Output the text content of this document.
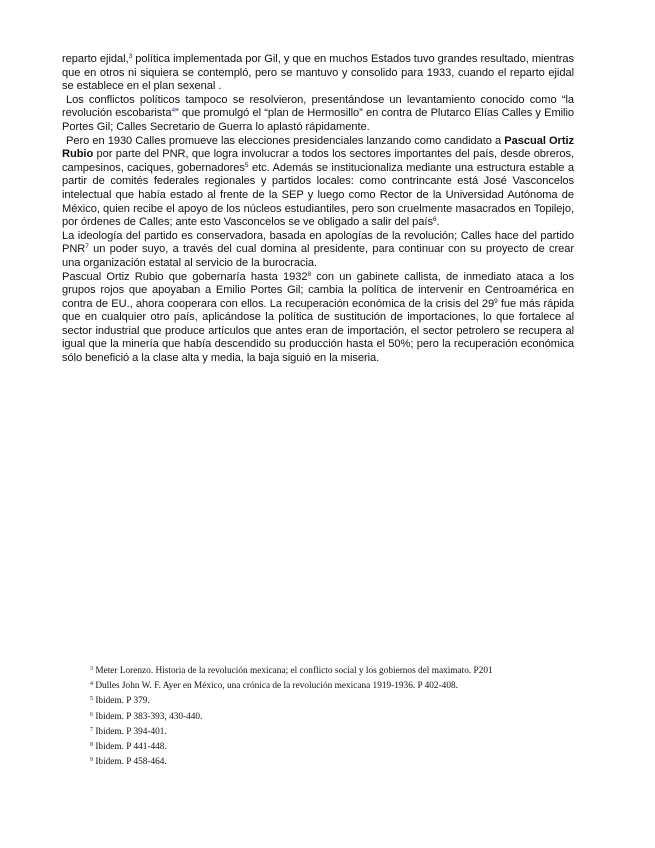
reparto ejidal,$^3$ política implementada por Gil, y que en muchos Estados tuvo grandes resultado, mientras que en otros ni siquiera se contempló, pero se mantuvo y consolido para 1933, cuando el reparto ejidal se establece en el plan sexenal .

Los conflictos políticos tampoco se resolvieron, presentándose un levantamiento conocido como “la revolución escobarista$^4$” que promulgó el “plan de Hermosillo” en contra de Plutarco Elías Calles y Emilio Portes Gil; Calles Secretario de Guerra lo aplastó rápidamente.

Pero en 1930 Calles promueve las elecciones presidenciales lanzando como candidato a Pascual Ortiz Rubio por parte del PNR, que logra involucrar a todos los sectores importantes del país, desde obreros, campesinos, caciques, gobernadores$^5$ etc. Además se institucionaliza mediante una estructura estable a partir de comités federales regionales y partidos locales: como contrincante está José Vasconcelos intelectual que había estado al frente de la SEP y luego como Rector de la Universidad Autónoma de México, quien recibe el apoyo de los núcleos estudiantiles, pero son cruelmente masacrados en Topilejo, por órdenes de Calles; ante esto Vasconcelos se ve obligado a salir del país$^6$.

La ideología del partido es conservadora, basada en apologías de la revolución; Calles hace del partido PNR$^7$ un poder suyo, a través del cual domina al presidente, para continuar con su proyecto de crear una organización estatal al servicio de la burocracia.

Pascual Ortiz Rubio que gobernaría hasta 1932$^8$ con un gabinete callista, de inmediato ataca a los grupos rojos que apoyaban a Emilio Portes Gil; cambia la política de intervenir en Centroamérica en contra de EU., ahora cooperara con ellos. La recuperación económica de la crisis del $29^9$ fue más rápida que en cualquier otro país, aplicándose la política de sustitución de importaciones, lo que fortalece al sector industrial que produce artículos que antes eran de importación, el sector petrolero se recupera al igual que la minería que había descendido su producción hasta el 50%; pero la recuperación económica sólo benefició a la clase alta y media, la baja siguió en la miseria.

$^3$ Meter Lorenzo. Historia de la revolución mexicana; el conflicto social y los gobiernos del maximato. P201
$^4$ Dulles John W. F. Ayer en México, una crónica de la revolución mexicana 1919-1936. P 402-408.
$^5$ Ibidem. P 379.
$^6$ Ibidem. P 383-393, 430-440.
$^7$ Ibidem. P 394-401.
$^8$ Ibidem. P 441-448.
$^9$ Ibidem. P 458-464.
